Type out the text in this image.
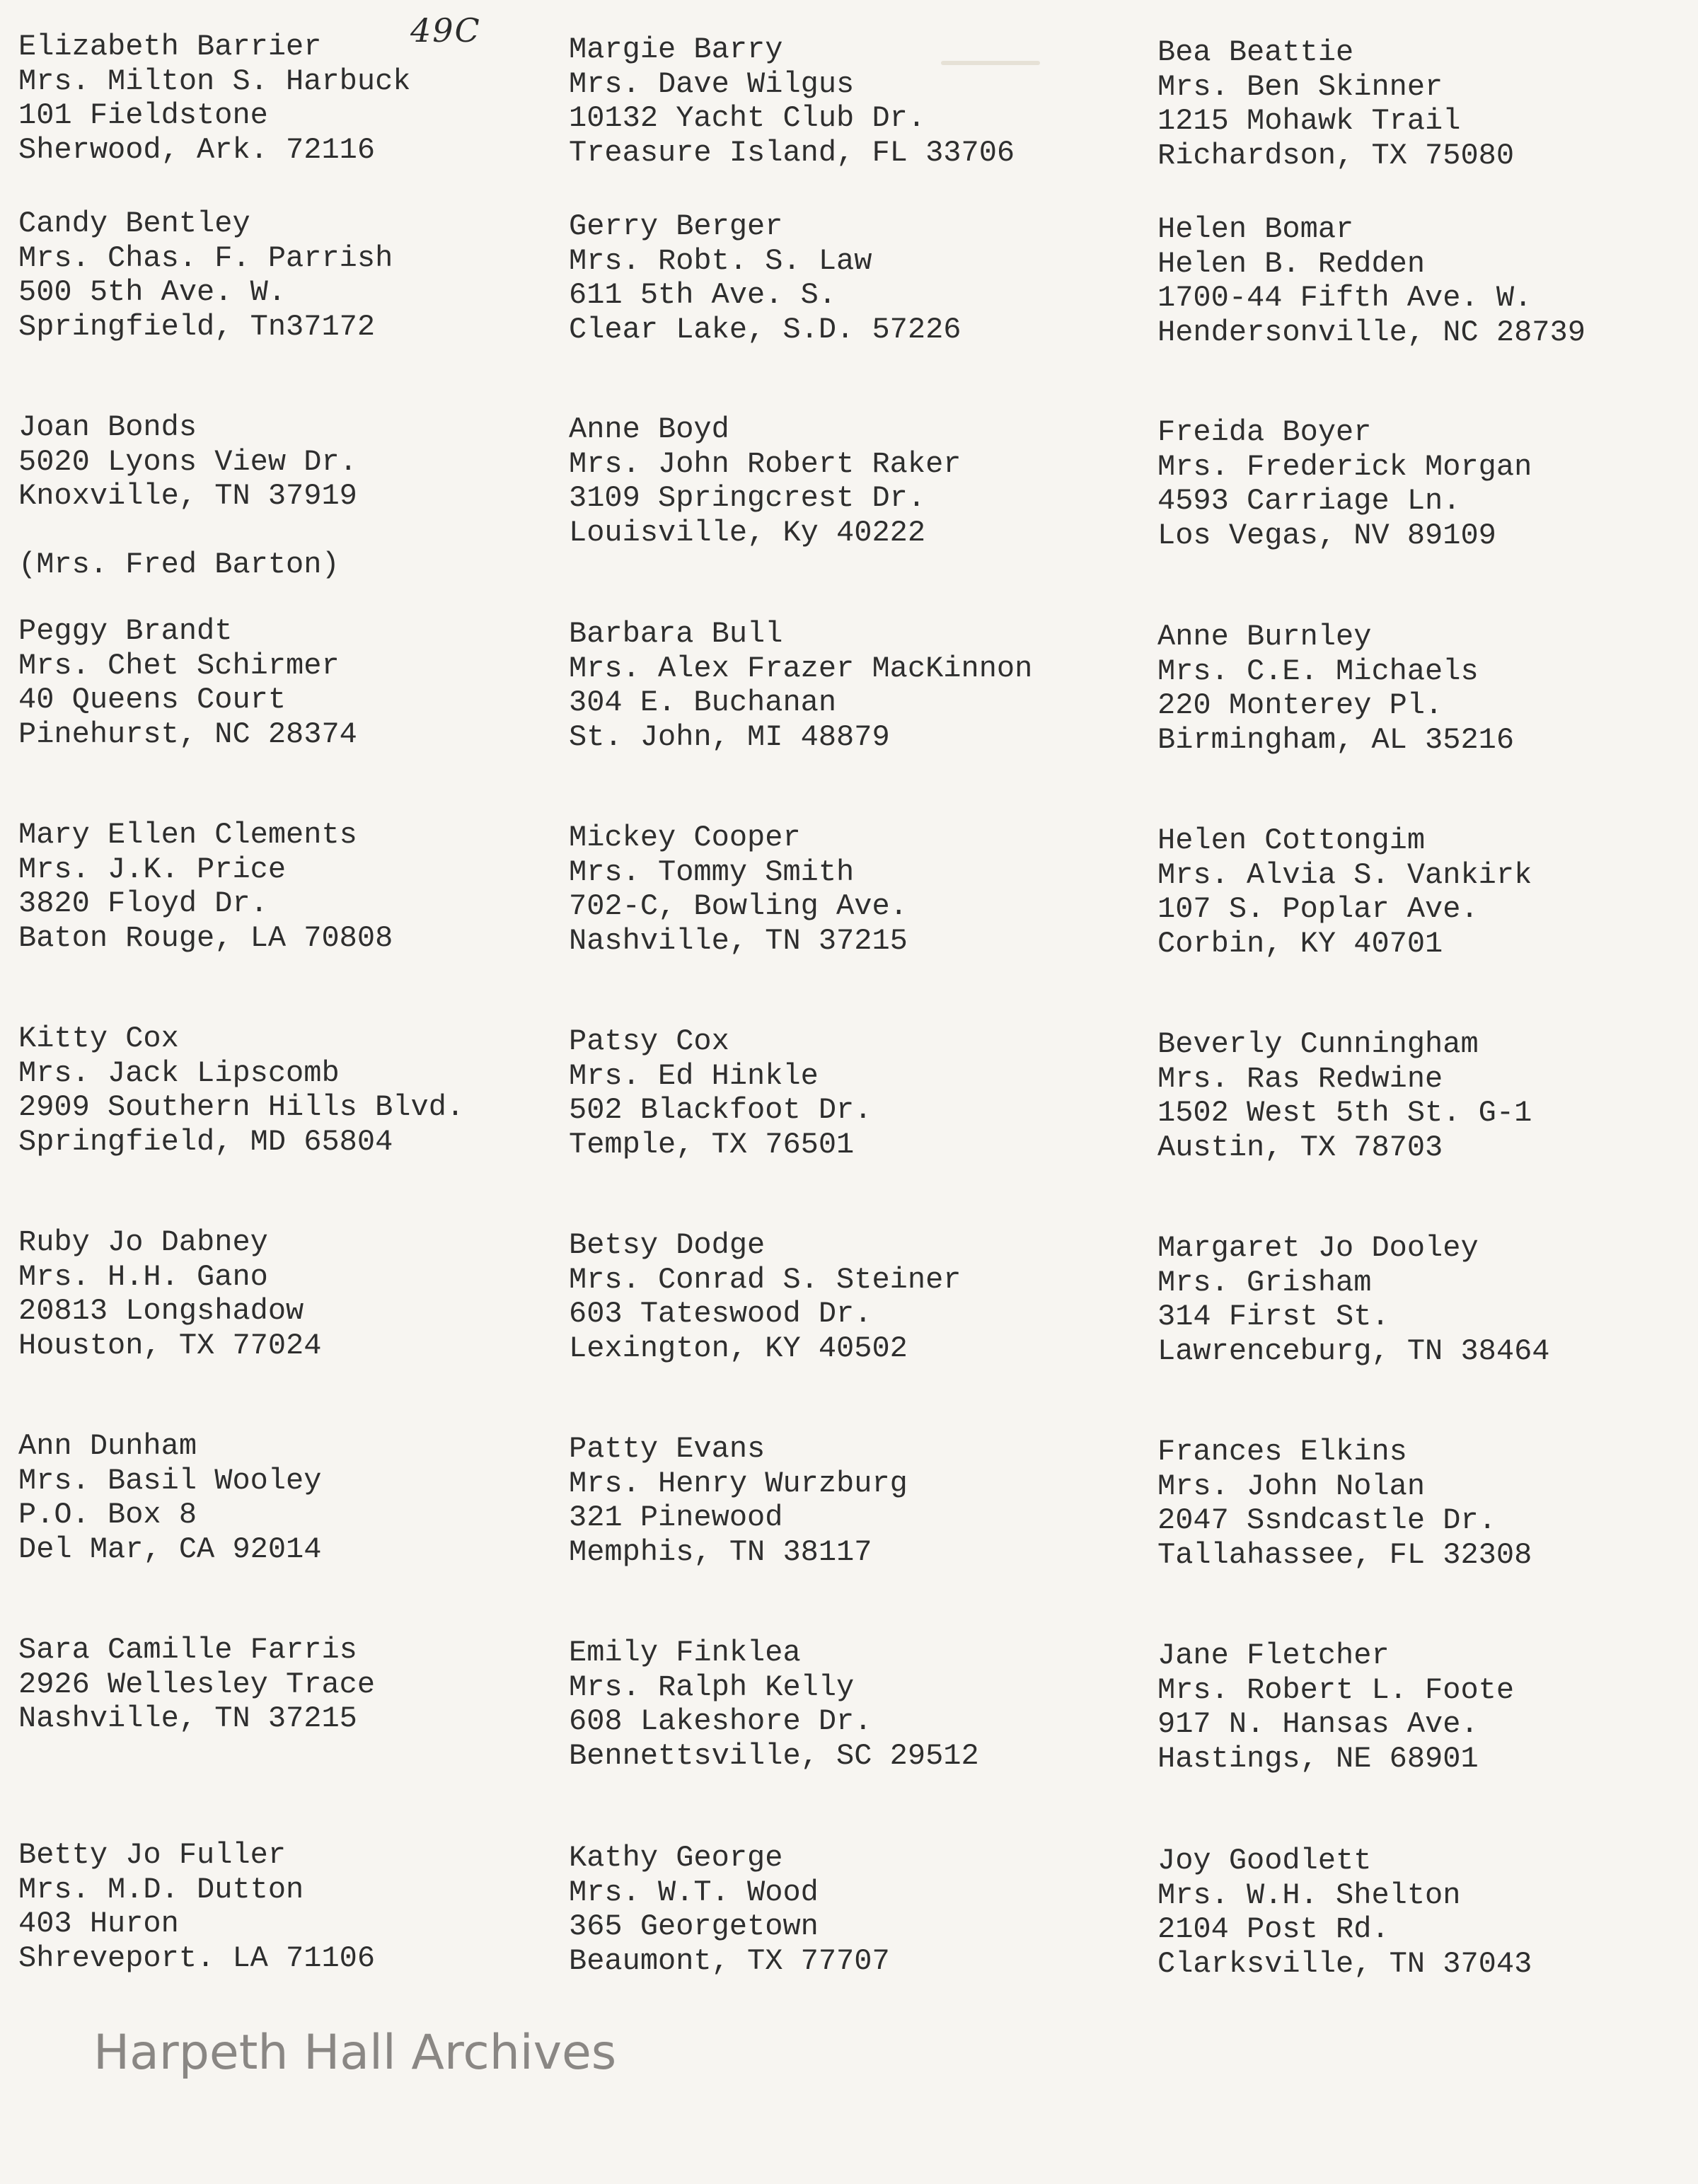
49C
Elizabeth Barrier
Mrs. Milton S. Harbuck
101 Fieldstone
Sherwood, Ark. 72116
Margie Barry
Mrs. Dave Wilgus
10132 Yacht Club Dr.
Treasure Island, FL 33706
Bea Beattie
Mrs. Ben Skinner
1215 Mohawk Trail
Richardson, TX 75080
Candy Bentley
Mrs. Chas. F. Parrish
500 5th Ave. W.
Springfield, Tn37172
Gerry Berger
Mrs. Robt. S. Law
611 5th Ave. S.
Clear Lake, S.D. 57226
Helen Bomar
Helen B. Redden
1700-44 Fifth Ave. W.
Hendersonville, NC 28739
Joan Bonds
5020 Lyons View Dr.
Knoxville, TN 37919
(Mrs. Fred Barton)
Anne Boyd
Mrs. John Robert Raker
3109 Springcrest Dr.
Louisville, Ky 40222
Freida Boyer
Mrs. Frederick Morgan
4593 Carriage Ln.
Los Vegas, NV 89109
Peggy Brandt
Mrs. Chet Schirmer
40 Queens Court
Pinehurst, NC 28374
Barbara Bull
Mrs. Alex Frazer MacKinnon
304 E. Buchanan
St. John, MI 48879
Anne Burnley
Mrs. C.E. Michaels
220 Monterey Pl.
Birmingham, AL 35216
Mary Ellen Clements
Mrs. J.K. Price
3820 Floyd Dr.
Baton Rouge, LA 70808
Mickey Cooper
Mrs. Tommy Smith
702-C, Bowling Ave.
Nashville, TN 37215
Helen Cottongim
Mrs. Alvia S. Vankirk
107 S. Poplar Ave.
Corbin, KY 40701
Kitty Cox
Mrs. Jack Lipscomb
2909 Southern Hills Blvd.
Springfield, MD 65804
Patsy Cox
Mrs. Ed Hinkle
502 Blackfoot Dr.
Temple, TX 76501
Beverly Cunningham
Mrs. Ras Redwine
1502 West 5th St. G-1
Austin, TX 78703
Ruby Jo Dabney
Mrs. H.H. Gano
20813 Longshadow
Houston, TX 77024
Betsy Dodge
Mrs. Conrad S. Steiner
603 Tateswood Dr.
Lexington, KY 40502
Margaret Jo Dooley
Mrs. Grisham
314 First St.
Lawrenceburg, TN 38464
Ann Dunham
Mrs. Basil Wooley
P.O. Box 8
Del Mar, CA 92014
Patty Evans
Mrs. Henry Wurzburg
321 Pinewood
Memphis, TN 38117
Frances Elkins
Mrs. John Nolan
2047 Ssndcastle Dr.
Tallahassee, FL 32308
Sara Camille Farris
2926 Wellesley Trace
Nashville, TN 37215
Emily Finklea
Mrs. Ralph Kelly
608 Lakeshore Dr.
Bennettsville, SC 29512
Jane Fletcher
Mrs. Robert L. Foote
917 N. Hansas Ave.
Hastings, NE 68901
Betty Jo Fuller
Mrs. M.D. Dutton
403 Huron
Shreveport. LA 71106
Kathy George
Mrs. W.T. Wood
365 Georgetown
Beaumont, TX 77707
Joy Goodlett
Mrs. W.H. Shelton
2104 Post Rd.
Clarksville, TN 37043
Harpeth Hall Archives
